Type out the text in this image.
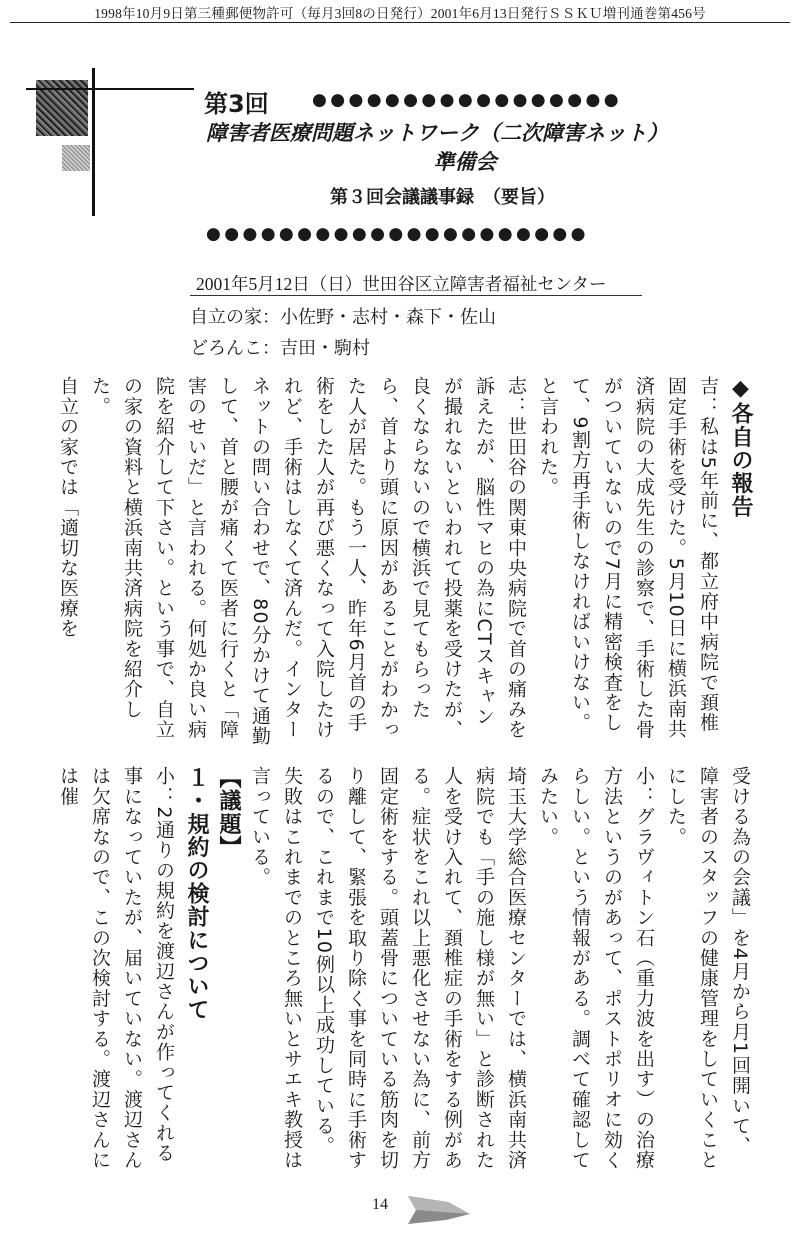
1998年10月9日第三種郵便物許可（毎月3回8の日発行）2001年6月13日発行ＳＳＫＵ増刊通巻第456号
第3回	●●●●●●●●●●●●●●●●●
障害者医療問題ネットワーク（二次障害ネット）
準備会
第３回会議議事録　（要旨）
●●●●●●●●●●●●●●●●●●●●●
2001年5月12日（日）世田谷区立障害者福祉センター
自立の家：小佐野・志村・森下・佐山
どろんこ：吉田・駒村

◆各自の報告

吉：私は5年前に、都立府中病院で頚椎固定手術を受けた。5月10日に横浜南共済病院の大成先生の診察で、手術した骨がついていないので7月に精密検査をして、9割方再手術しなければいけない。と言われた。

志：世田谷の関東中央病院で首の痛みを訴えたが、脳性マヒの為にCTスキャンが撮れないといわれて投薬を受けたが、良くならないので横浜で見てもらったら、首より頭に原因があることがわかった人が居た。もう一人、昨年6月首の手術をした人が再び悪くなって入院したけれど、手術はしなくて済んだ。インターネットの問い合わせで、80分かけて通勤して、首と腰が痛くて医者に行くと「障害のせいだ」と言われる。何処か良い病院を紹介して下さい。という事で、自立の家の資料と横浜南共済病院を紹介した。

自立の家では「適切な医療を

受ける為の会議」を4月から月1回開いて、障害者のスタッフの健康管理をしていくことにした。

小：グラヴィトン石（重力波を出す）の治療方法というのがあって、ポストポリオに効くらしい。という情報がある。調べて確認してみたい。

埼玉大学総合医療センターでは、横浜南共済病院でも「手の施し様が無い」と診断された人を受け入れて、頚椎症の手術をする例がある。症状をこれ以上悪化させない為に、前方固定術をする。頭蓋骨についている筋肉を切り離して、緊張を取り除く事を同時に手術するので、これまで10例以上成功している。失敗はこれまでのところ無いとサエキ教授は言っている。

【議題】

１・規約の検討について

小：2通りの規約を渡辺さんが作ってくれる事になっていたが、届いていない。渡辺さんは欠席なので、この次検討する。渡辺さんには催

14
